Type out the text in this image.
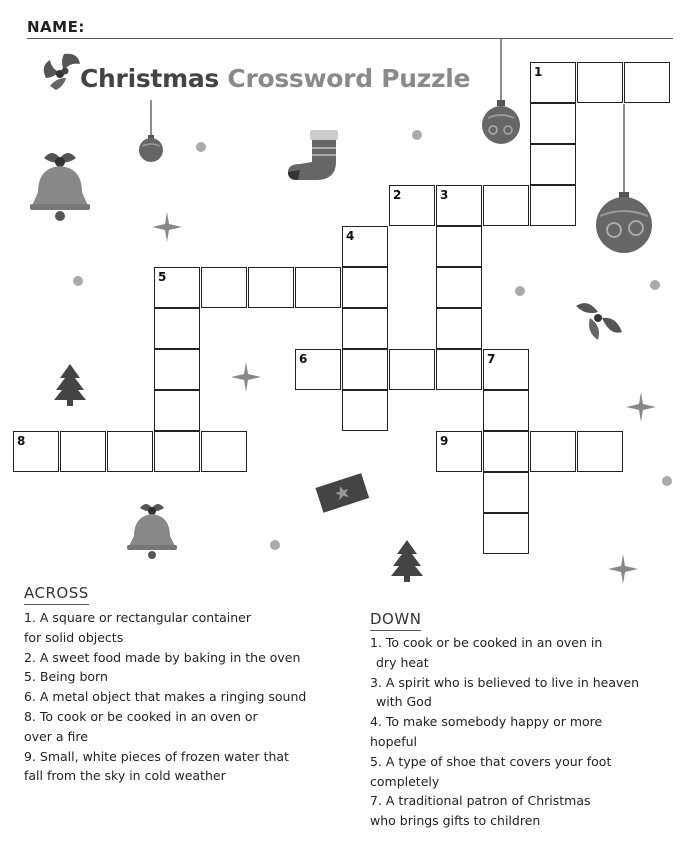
NAME:
Christmas Crossword Puzzle	1
2	3
4
5
6	7
8	9
ACROSS
1. A square or rectangular container
for solid objects
2. A sweet food made by baking in the oven
5. Being born
6. A metal object that makes a ringing sound
8. To cook or be cooked in an oven or
over a fire
9. Small, white pieces of frozen water that
fall from the sky in cold weather
DOWN
1. To cook or be cooked in an oven in
dry heat
3. A spirit who is believed to live in heaven
with God
4. To make somebody happy or more
hopeful
5. A type of shoe that covers your foot
completely
7. A traditional patron of Christmas
who brings gifts to children
